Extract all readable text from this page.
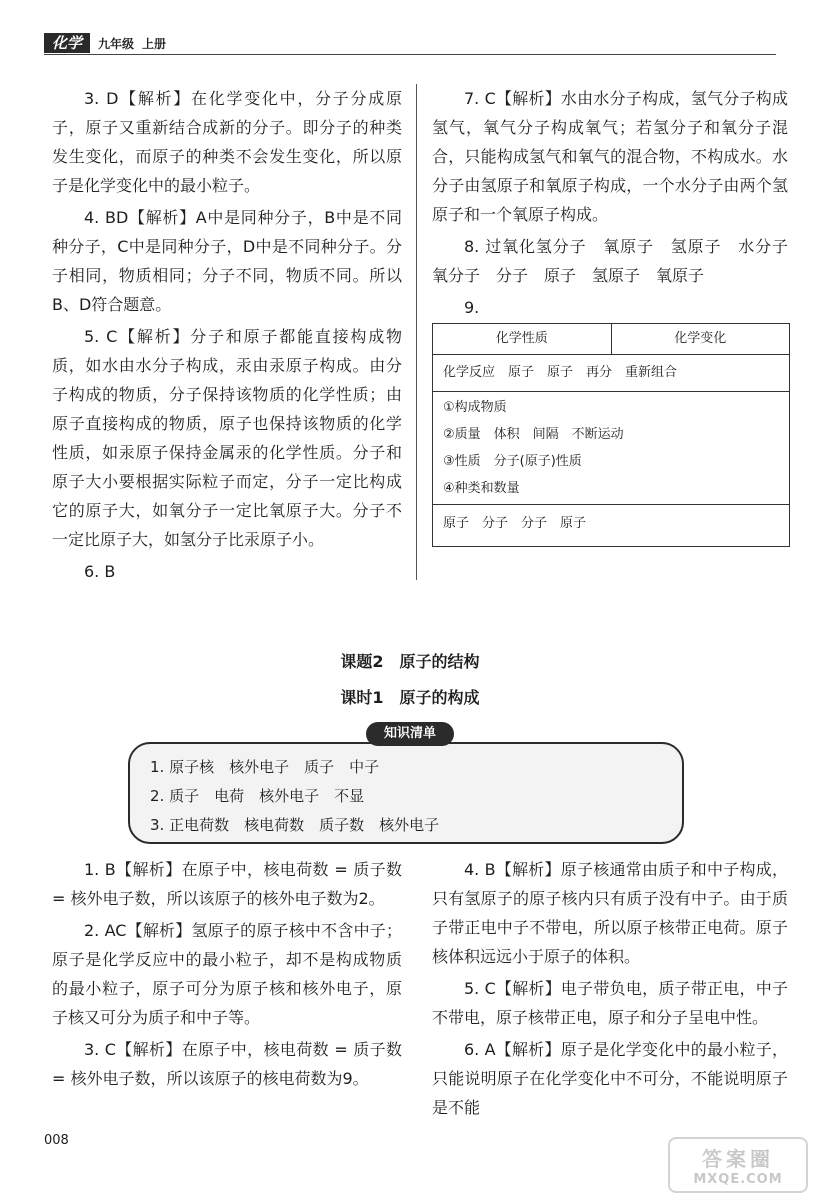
化学	九年级 上册

3. D【解析】在化学变化中，分子分成原子，原子又重新结合成新的分子。即分子的种类发生变化，而原子的种类不会发生变化，所以原子是化学变化中的最小粒子。

4. BD【解析】A中是同种分子，B中是不同种分子，C中是同种分子，D中是不同种分子。分子相同，物质相同；分子不同，物质不同。所以B、D符合题意。

5. C【解析】分子和原子都能直接构成物质，如水由水分子构成，汞由汞原子构成。由分子构成的物质，分子保持该物质的化学性质；由原子直接构成的物质，原子也保持该物质的化学性质，如汞原子保持金属汞的化学性质。分子和原子大小要根据实际粒子而定，分子一定比构成它的原子大，如氧分子一定比氧原子大。分子不一定比原子大，如氢分子比汞原子小。

6. B

7. C【解析】水由水分子构成，氢气分子构成氢气，氧气分子构成氧气；若氢分子和氧分子混合，只能构成氢气和氧气的混合物，不构成水。水分子由氢原子和氧原子构成，一个水分子由两个氢原子和一个氧原子构成。

8. 过氧化氢分子　氧原子　氢原子　水分子　氧分子　分子　原子　氢原子　氧原子

9.

化学性质	化学变化
化学反应　原子　原子　再分　重新组合
①构成物质
②质量　体积　间隔　不断运动
③性质　分子(原子)性质
④种类和数量
原子　分子　分子　原子
课题2　原子的结构
课时1　原子的构成
1. 原子核　核外电子　质子　中子
2. 质子　电荷　核外电子　不显
3. 正电荷数　核电荷数　质子数　核外电子
知识清单

1. B【解析】在原子中，核电荷数 = 质子数 = 核外电子数，所以该原子的核外电子数为2。

2. AC【解析】氢原子的原子核中不含中子；原子是化学反应中的最小粒子，却不是构成物质的最小粒子，原子可分为原子核和核外电子，原子核又可分为质子和中子等。

3. C【解析】在原子中，核电荷数 = 质子数 = 核外电子数，所以该原子的核电荷数为9。

4. B【解析】原子核通常由质子和中子构成，只有氢原子的原子核内只有质子没有中子。由于质子带正电中子不带电，所以原子核带正电荷。原子核体积远远小于原子的体积。

5. C【解析】电子带负电，质子带正电，中子不带电，原子核带正电，原子和分子呈电中性。

6. A【解析】原子是化学变化中的最小粒子，只能说明原子在化学变化中不可分，不能说明原子是不能

008
答案圈
MXQE.COM
